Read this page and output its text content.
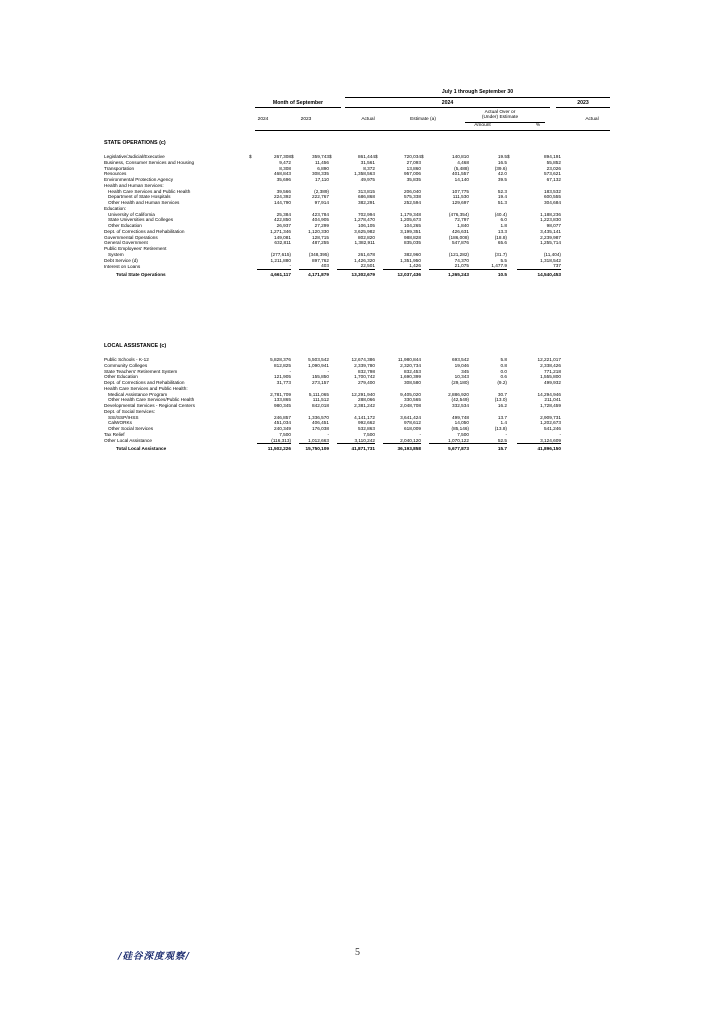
July 1 through September 30
Month of September	2024	2023
Actual Over or
(Under) Estimate
2024	2023	Actual	Estimate (a)	Actual
Amount	%
STATE OPERATIONS (c)
Legislative/Judicial/Executive	$	267,308	$	359,743	$	861,444	$	720,034	$	140,810	19.5	$	894,191
Business, Consumer Services and Housing		9,472		11,456		31,561		27,093		4,468	16.5		55,852
Transportation		8,308		6,890		8,372		13,860		(5,488)	(39.6)		23,026
Resources		468,843		308,335		1,358,563		957,006		401,557	42.0		573,621
Environmental Protection Agency		35,696		17,110		49,975		35,835		14,140	39.5		67,132
Health and Human Services:													
Health Care Services and Public Health		39,566		(2,389)		313,815		206,040		107,775	52.3		183,532
Department of State Hospitals		224,392		222,767		686,868		575,338		111,530	19.4		600,555
Other Health and Human Services		144,790		97,914		382,291		252,594		129,697	51.3		304,684
Education:													
University of California		25,384		423,784		702,994		1,179,348		(476,354)	(40.4)		1,188,236
State Universities and Colleges		422,850		404,905		1,278,470		1,205,673		72,797	6.0		1,223,830
Other Education		26,937		27,299		106,105		104,265		1,840	1.8		98,077
Dept. of Corrections and Rehabilitation		1,271,346		1,120,330		3,625,982		3,199,351		426,631	13.3		3,435,141
Governmental Operations		149,081		128,715		802,820		988,828		(186,008)	(18.8)		2,239,987
General Government		632,811		487,255		1,382,911		835,035		547,876	65.6		1,255,714
Public Employees' Retirement													
System		(277,615)		(348,395)		261,678		382,960		(121,282)	(31.7)		(11,404)
Debt Service (d)		1,211,880		897,762		1,426,320		1,351,950		74,370	5.5		1,318,542
Interest on Loans		-		403		22,501		1,426		21,075	1,477.9		737
Total State Operations		4,661,117		4,171,879		13,302,679		12,037,436		1,265,243	10.5		14,540,453
LOCAL ASSISTANCE (c)
Public Schools - K-12		5,828,376		5,503,542		12,674,386		11,980,844		693,542	5.8		12,221,017
Community Colleges		812,825		1,090,941		2,339,780		2,320,734		19,046	0.8		2,338,426
State Teachers' Retirement System		-		-		832,798		832,453		345	0.0		771,218
Other Education		121,905		155,850		1,700,742		1,690,399		10,343	0.6		1,555,800
Dept. of Corrections and Rehabilitation		31,773		273,157		279,400		308,580		(29,180)	(9.2)		499,932
Health Care Services and Public Health:													
Medical Assistance Program		2,781,709		5,111,065		12,291,940		9,405,020		2,886,920	30.7		14,294,946
Other Health Care Services/Public Health		133,865		111,512		288,066		330,565		(42,549)	(13.0)		211,041
Developmental Services - Regional Centers		980,345		842,018		2,381,242		2,048,708		332,534	16.2		1,728,459
Dept. of Social Services:													
SSI/SSP/IHSS		246,857		1,336,570		4,141,172		3,641,424		499,748	13.7		2,909,731
CalWORKs		451,034		406,451		992,662		978,612		14,050	1.4		1,202,673
Other Social Services		240,349		176,038		532,863		618,009		(85,146)	(13.8)		541,246
Tax Relief		7,500		-		7,500		-		7,500	-		-
Other Local Assistance		(116,313)		1,012,663		3,110,242		2,040,120		1,070,122	52.5		3,124,609
Total Local Assistance		11,502,226		15,750,109		41,871,731		36,193,858		5,677,873	15.7		41,896,150
/硅谷深度观察/	5
